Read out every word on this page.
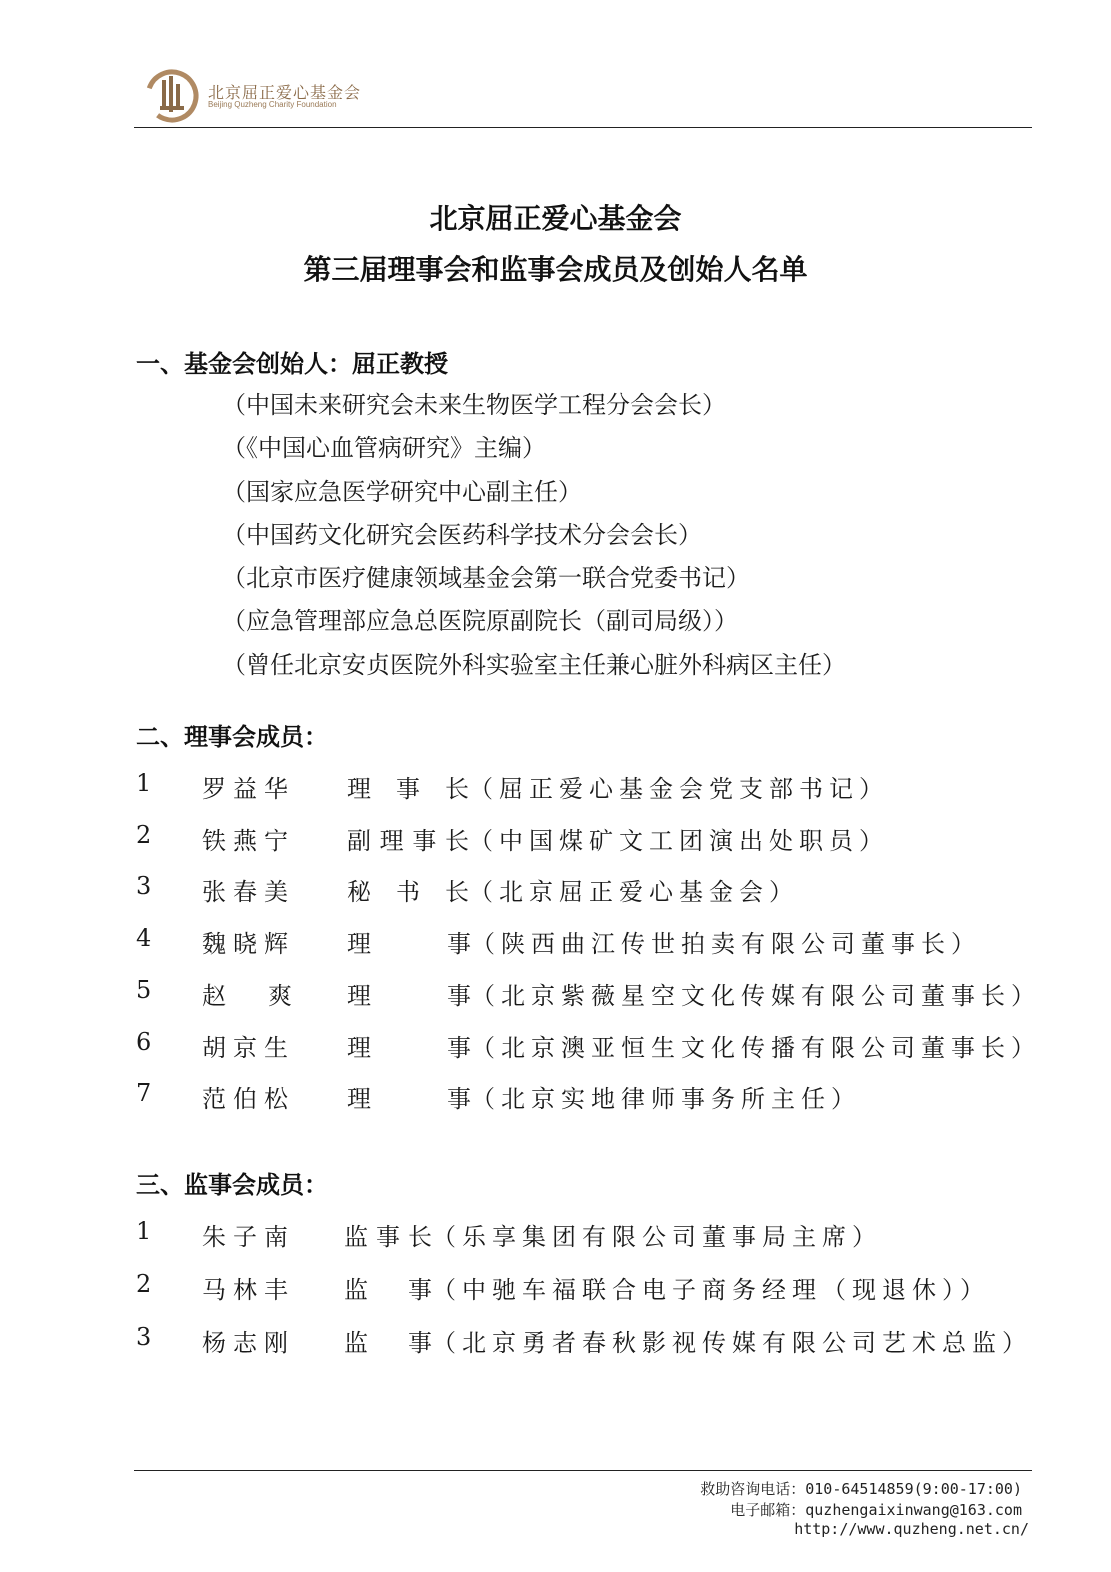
北京屈正爱心基金会
Beijing Quzheng Charity Foundation
北京屈正爱心基金会
第三届理事会和监事会成员及创始人名单
一、基金会创始人：屈正教授
（中国未来研究会未来生物医学工程分会会长）
（《中国心血管病研究》主编）
（国家应急医学研究中心副主任）
（中国药文化研究会医药科学技术分会会长）
（北京市医疗健康领域基金会第一联合党委书记）
（应急管理部应急总医院原副院长（副司局级））
（曾任北京安贞医院外科实验室主任兼心脏外科病区主任）
二、理事会成员：
1 罗益华 理 事 长 （屈正爱心基金会党支部书记）
2 铁燕宁 副理事长 （中国煤矿文工团演出处职员）
3 张春美 秘 书 长 （北京屈正爱心基金会）
4 魏晓辉 理 事 （陕西曲江传世拍卖有限公司董事长）
5 赵 爽 理 事 （北京紫薇星空文化传媒有限公司董事长）
6 胡京生 理 事 （北京澳亚恒生文化传播有限公司董事长）
7 范伯松 理 事 （北京实地律师事务所主任）
三、监事会成员：
1 朱子南 监事长 （乐享集团有限公司董事局主席）
2 马林丰 监 事 （中驰车福联合电子商务经理（现退休））
3 杨志刚 监 事 （北京勇者春秋影视传媒有限公司艺术总监）
救助咨询电话：010-64514859(9:00-17:00)
电子邮箱：quzhengaixinwang@163.com
http://www.quzheng.net.cn/
